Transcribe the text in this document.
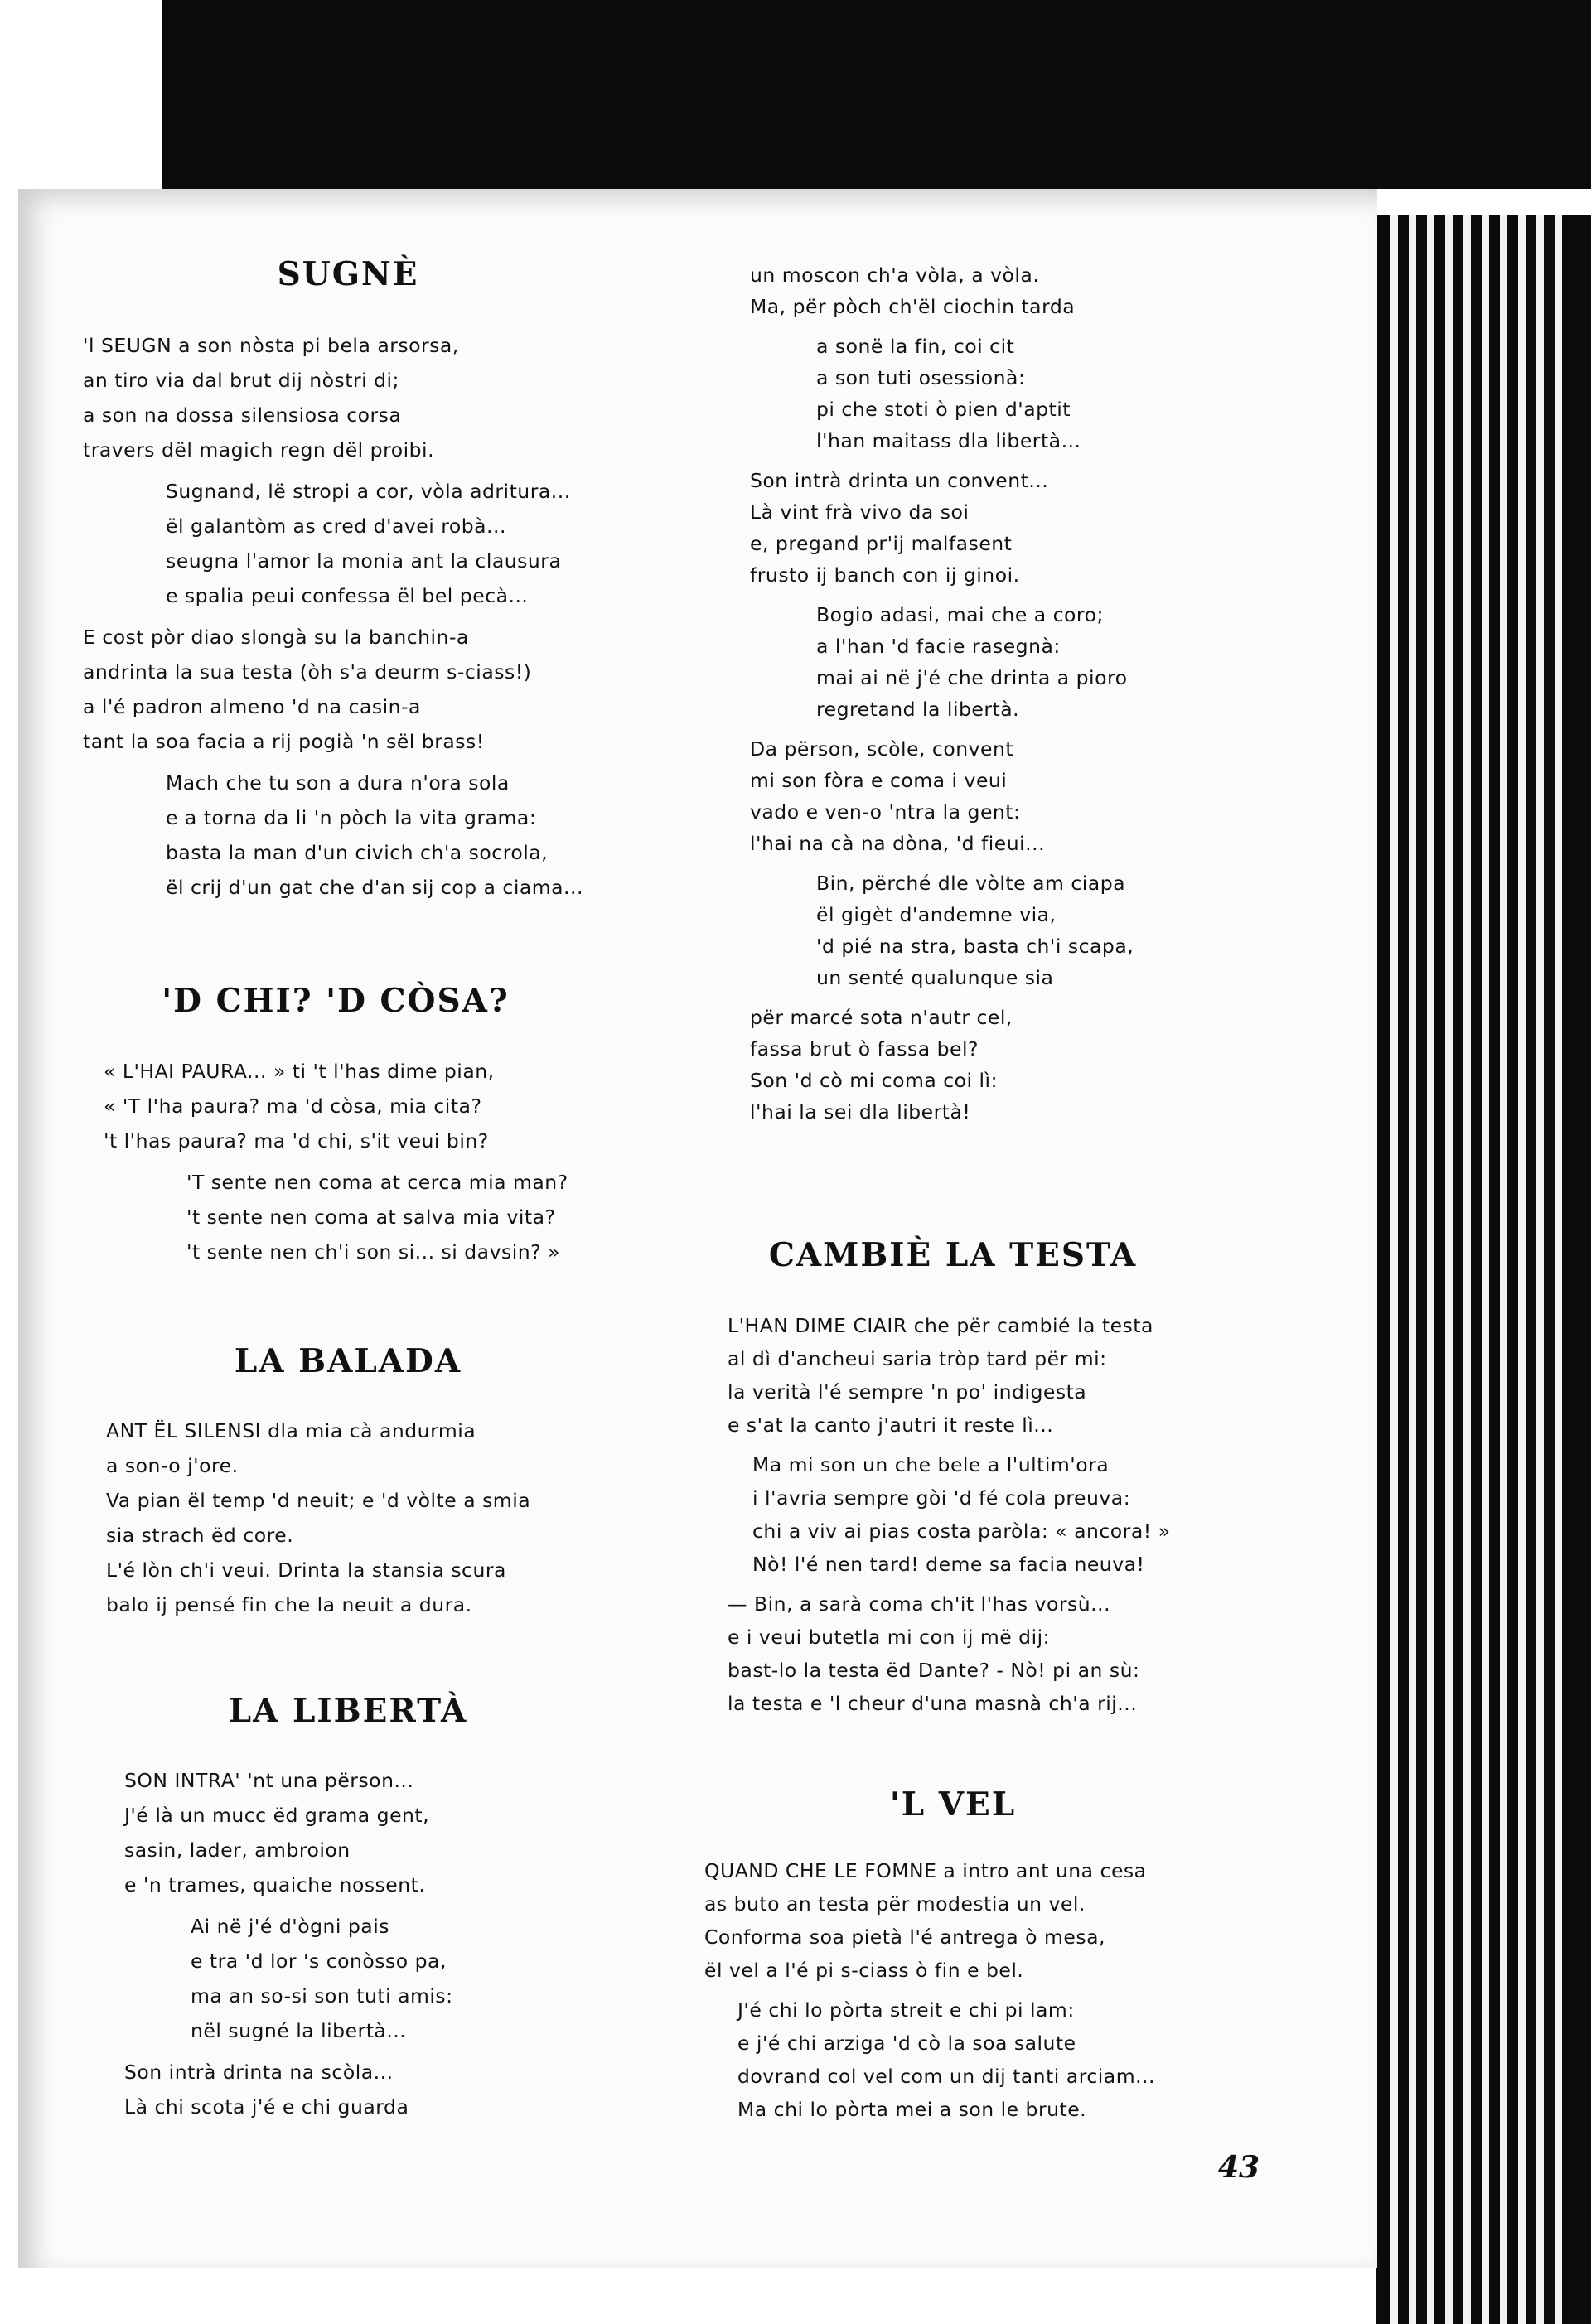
SUGNÈ
'l SEUGN a son nòsta pi bela arsorsa,
an tiro via dal brut dij nòstri di;
a son na dossa silensiosa corsa
travers dël magich regn dël proibi.
Sugnand, lë stropi a cor, vòla adritura...
ël galantòm as cred d'avei robà...
seugna l'amor la monia ant la clausura
e spalia peui confessa ël bel pecà...
E cost pòr diao slongà su la banchin-a
andrinta la sua testa (òh s'a deurm s-ciass!)
a l'é padron almeno 'd na casin-a
tant la soa facia a rij pogià 'n sël brass!
Mach che tu son a dura n'ora sola
e a torna da li 'n pòch la vita grama:
basta la man d'un civich ch'a socrola,
ël crij d'un gat che d'an sij cop a ciama...
'D CHI? 'D CÒSA?
« L'HAI PAURA... » ti 't l'has dime pian,
« 'T l'ha paura? ma 'd còsa, mia cita?
't l'has paura? ma 'd chi, s'it veui bin?
'T sente nen coma at cerca mia man?
't sente nen coma at salva mia vita?
't sente nen ch'i son si... si davsin? »
LA BALADA
ANT ËL SILENSI dla mia cà andurmia
a son-o j'ore.
Va pian ël temp 'd neuit; e 'd vòlte a smia
sia strach ëd core.
L'é lòn ch'i veui. Drinta la stansia scura
balo ij pensé fin che la neuit a dura.
LA LIBERTÀ
SON INTRA' 'nt una përson...
J'é là un mucc ëd grama gent,
sasin, lader, ambroion
e 'n trames, quaiche nossent.
Ai në j'é d'ògni pais
e tra 'd lor 's conòsso pa,
ma an so-si son tuti amis:
nël sugné la libertà...
Son intrà drinta na scòla...
Là chi scota j'é e chi guarda
un moscon ch'a vòla, a vòla.
Ma, për pòch ch'ël ciochin tarda
a sonë la fin, coi cit
a son tuti osessionà:
pi che stoti ò pien d'aptit
l'han maitass dla libertà...
Son intrà drinta un convent...
Là vint frà vivo da soi
e, pregand pr'ij malfasent
frusto ij banch con ij ginoi.
Bogio adasi, mai che a coro;
a l'han 'd facie rasegnà:
mai ai në j'é che drinta a pioro
regretand la libertà.
Da përson, scòle, convent
mi son fòra e coma i veui
vado e ven-o 'ntra la gent:
l'hai na cà na dòna, 'd fieui...
Bin, përché dle vòlte am ciapa
ël gigèt d'andemne via,
'd pié na stra, basta ch'i scapa,
un senté qualunque sia
për marcé sota n'autr cel,
fassa brut ò fassa bel?
Son 'd cò mi coma coi lì:
l'hai la sei dla libertà!
CAMBIÈ LA TESTA
L'HAN DIME CIAIR che për cambié la testa
al dì d'ancheui saria tròp tard për mi:
la verità l'é sempre 'n po' indigesta
e s'at la canto j'autri it reste lì...
Ma mi son un che bele a l'ultim'ora
i l'avria sempre gòi 'd fé cola preuva:
chi a viv ai pias costa paròla: « ancora! »
Nò! l'é nen tard! deme sa facia neuva!
— Bin, a sarà coma ch'it l'has vorsù...
e i veui butetla mi con ij më dij:
bast-lo la testa ëd Dante? - Nò! pi an sù:
la testa e 'l cheur d'una masnà ch'a rij...
'L VEL
QUAND CHE LE FOMNE a intro ant una cesa
as buto an testa për modestia un vel.
Conforma soa pietà l'é antrega ò mesa,
ël vel a l'é pi s-ciass ò fin e bel.
J'é chi lo pòrta streit e chi pi lam:
e j'é chi arziga 'd cò la soa salute
dovrand col vel com un dij tanti arciam...
Ma chi lo pòrta mei a son le brute.
43
